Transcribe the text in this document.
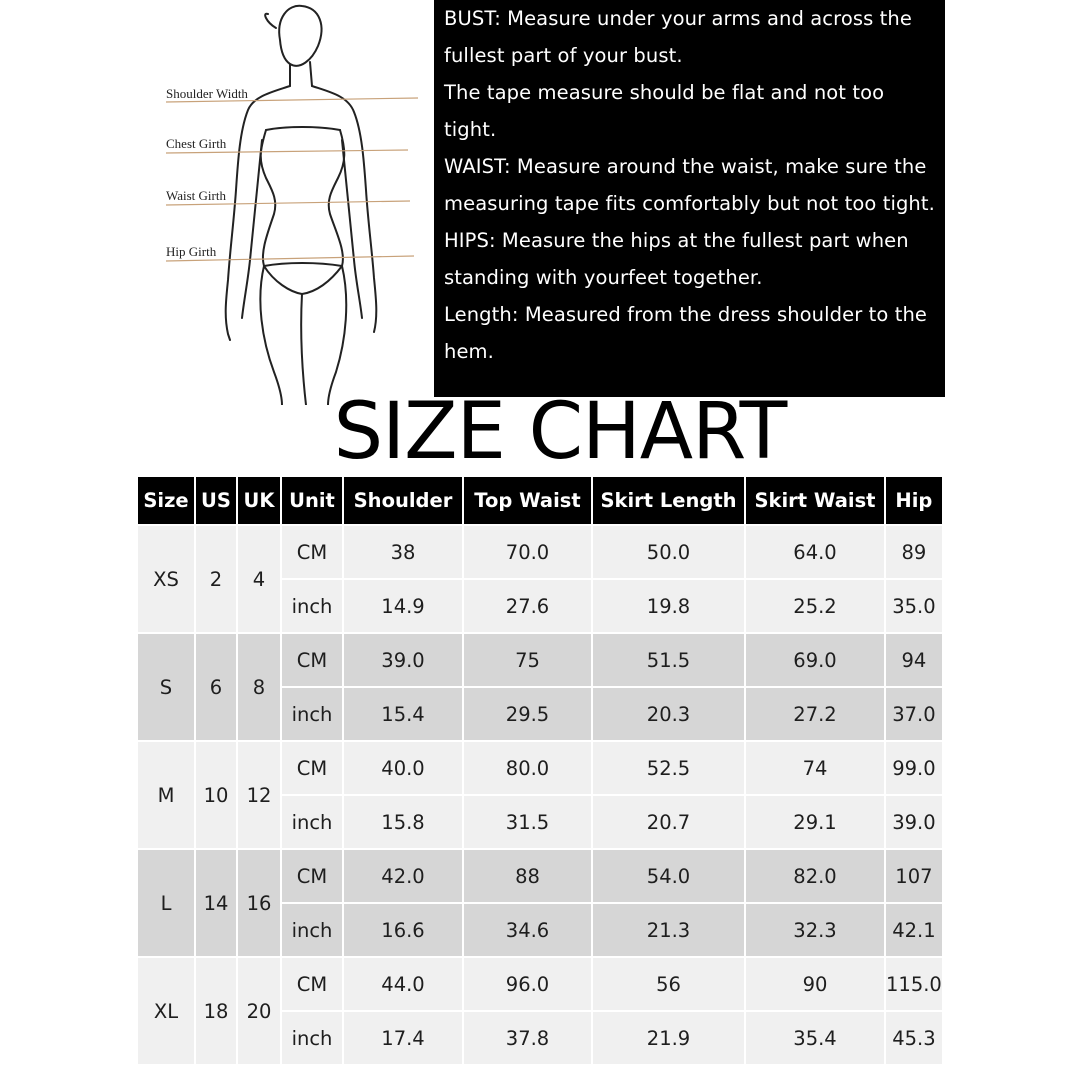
Shoulder Width
Chest Girth
Waist Girth
Hip Girth

BUST: Measure under your arms and across the fullest part of your bust.

The tape measure should be flat and not too tight.

WAIST: Measure around the waist, make sure the measuring tape fits comfortably but not too tight.

HIPS: Measure the hips at the fullest part when standing with yourfeet together.

Length: Measured from the dress shoulder to the hem.

SIZE CHART
Size	US	UK	Unit	Shoulder	Top Waist	Skirt Length	Skirt Waist	Hip
XS	2	4	CM	38	70.0	50.0	64.0	89
			inch	14.9	27.6	19.8	25.2	35.0
S	6	8	CM	39.0	75	51.5	69.0	94
			inch	15.4	29.5	20.3	27.2	37.0
M	10	12	CM	40.0	80.0	52.5	74	99.0
			inch	15.8	31.5	20.7	29.1	39.0
L	14	16	CM	42.0	88	54.0	82.0	107
			inch	16.6	34.6	21.3	32.3	42.1
XL	18	20	CM	44.0	96.0	56	90	115.0
			inch	17.4	37.8	21.9	35.4	45.3
